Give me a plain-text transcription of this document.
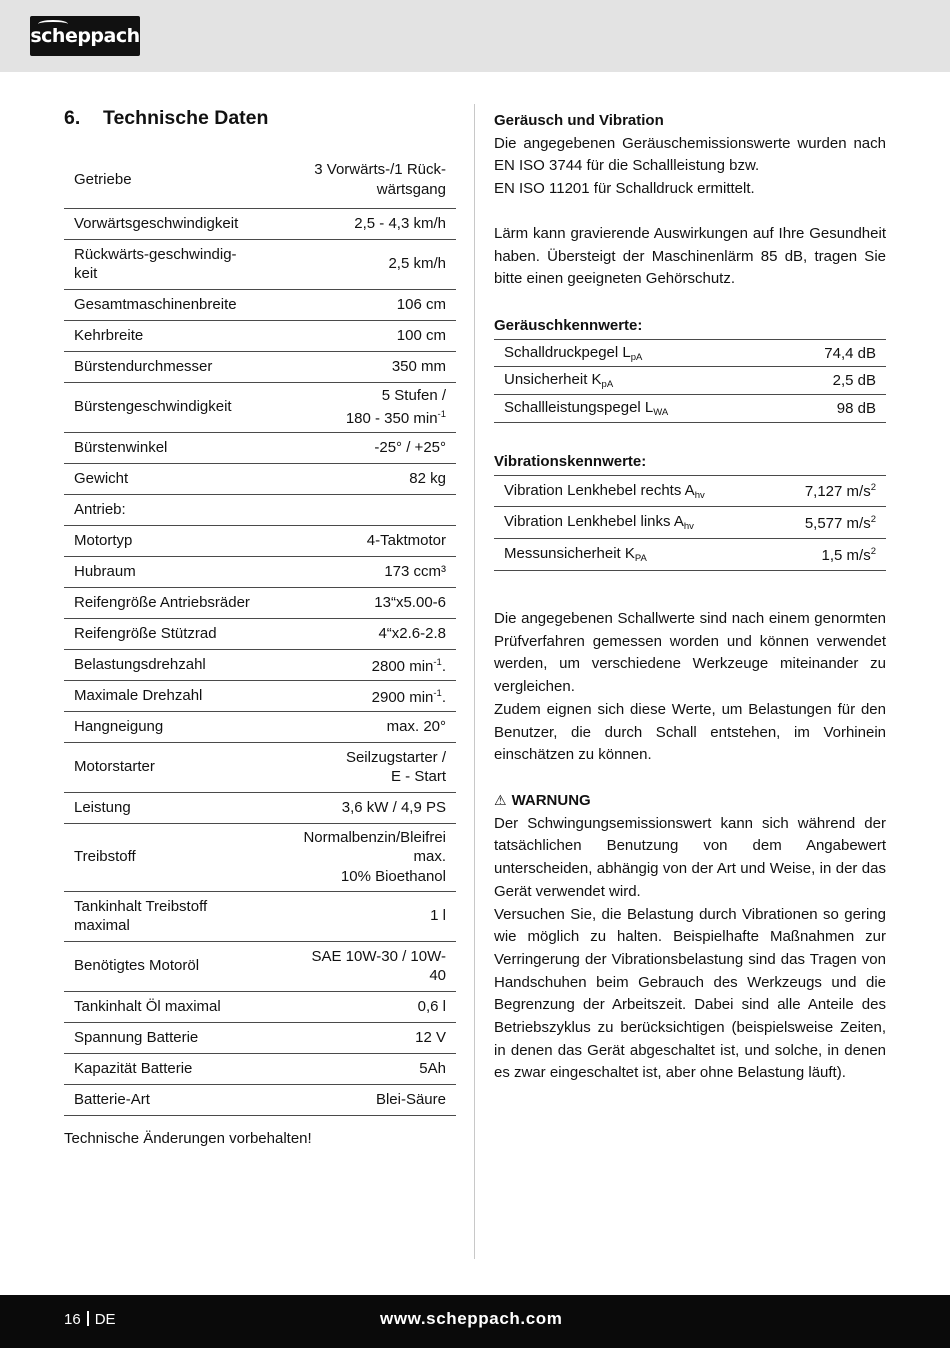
scheppach
6. Technische Daten
Getriebe	3 Vorwärts-/1 Rück-
wärtsgang
Vorwärtsgeschwindigkeit	2,5 - 4,3 km/h
Rückwärts-geschwindig-
keit	2,5 km/h
Gesamtmaschinenbreite	106 cm
Kehrbreite	100 cm
Bürstendurchmesser	350 mm
Bürstengeschwindigkeit	5 Stufen /
180 - 350 $\min^{-1}$
Bürstenwinkel	-25° / +25°
Gewicht	82 kg
Antrieb:	
Motortyp	4-Taktmotor
Hubraum	173 ccm³
Reifengröße Antriebsräder	13“x5.00-6
Reifengröße Stützrad	4“x2.6-2.8
Belastungsdrehzahl	2800 $\min^{-1}$.
Maximale Drehzahl	2900 $\min^{-1}$.
Hangneigung	max. 20°
Motorstarter	Seilzugstarter /
E - Start
Leistung	3,6 kW / 4,9 PS
Treibstoff	Normalbenzin/Bleifrei
max.
10% Bioethanol
Tankinhalt Treibstoff
maximal	1 l
Benötigtes Motoröl	SAE 10W-30 / 10W-
40
Tankinhalt Öl maximal	0,6 l
Spannung Batterie	12 V
Kapazität Batterie	5Ah
Batterie-Art	Blei-Säure
Technische Änderungen vorbehalten!

Geräusch und Vibration

Die angegebenen Geräuschemissionswerte wurden nach EN ISO 3744 für die Schallleistung bzw.

EN ISO 11201 für Schalldruck ermittelt.

Lärm kann gravierende Auswirkungen auf Ihre Gesundheit haben. Übersteigt der Maschinenlärm 85 dB, tragen Sie bitte einen geeigneten Gehörschutz.

Geräuschkennwerte:
Schalldruckpegel $L_{pA}$	74,4 dB
Unsicherheit $K_{pA}$	2,5 dB
Schallleistungspegel $L_{WA}$	98 dB
Vibrationskennwerte:
Vibration Lenkhebel rechts $A_{hv}$	7,127 $m/s^2$
Vibration Lenkhebel links $A_{hv}$	5,577 $m/s^2$
Messunsicherheit $K_{PA}$	1,5 $m/s^2$

Die angegebenen Schallwerte sind nach einem genormten Prüfverfahren gemessen worden und können verwendet werden, um verschiedene Werkzeuge miteinander zu vergleichen.

Zudem eignen sich diese Werte, um Belastungen für den Benutzer, die durch Schall entstehen, im Vorhinein einschätzen zu können.

⚠ WARNUNG

Der Schwingungsemissionswert kann sich während der tatsächlichen Benutzung von dem Angabewert unterscheiden, abhängig von der Art und Weise, in der das Gerät verwendet wird.

Versuchen Sie, die Belastung durch Vibrationen so gering wie möglich zu halten. Beispielhafte Maßnahmen zur Verringerung der Vibrationsbelastung sind das Tragen von Handschuhen beim Gebrauch des Werkzeugs und die Begrenzung der Arbeitszeit. Dabei sind alle Anteile des Betriebszyklus zu berücksichtigen (beispielsweise Zeiten, in denen das Gerät abgeschaltet ist, und solche, in denen es zwar eingeschaltet ist, aber ohne Belastung läuft).

16 DE	www.scheppach.com
